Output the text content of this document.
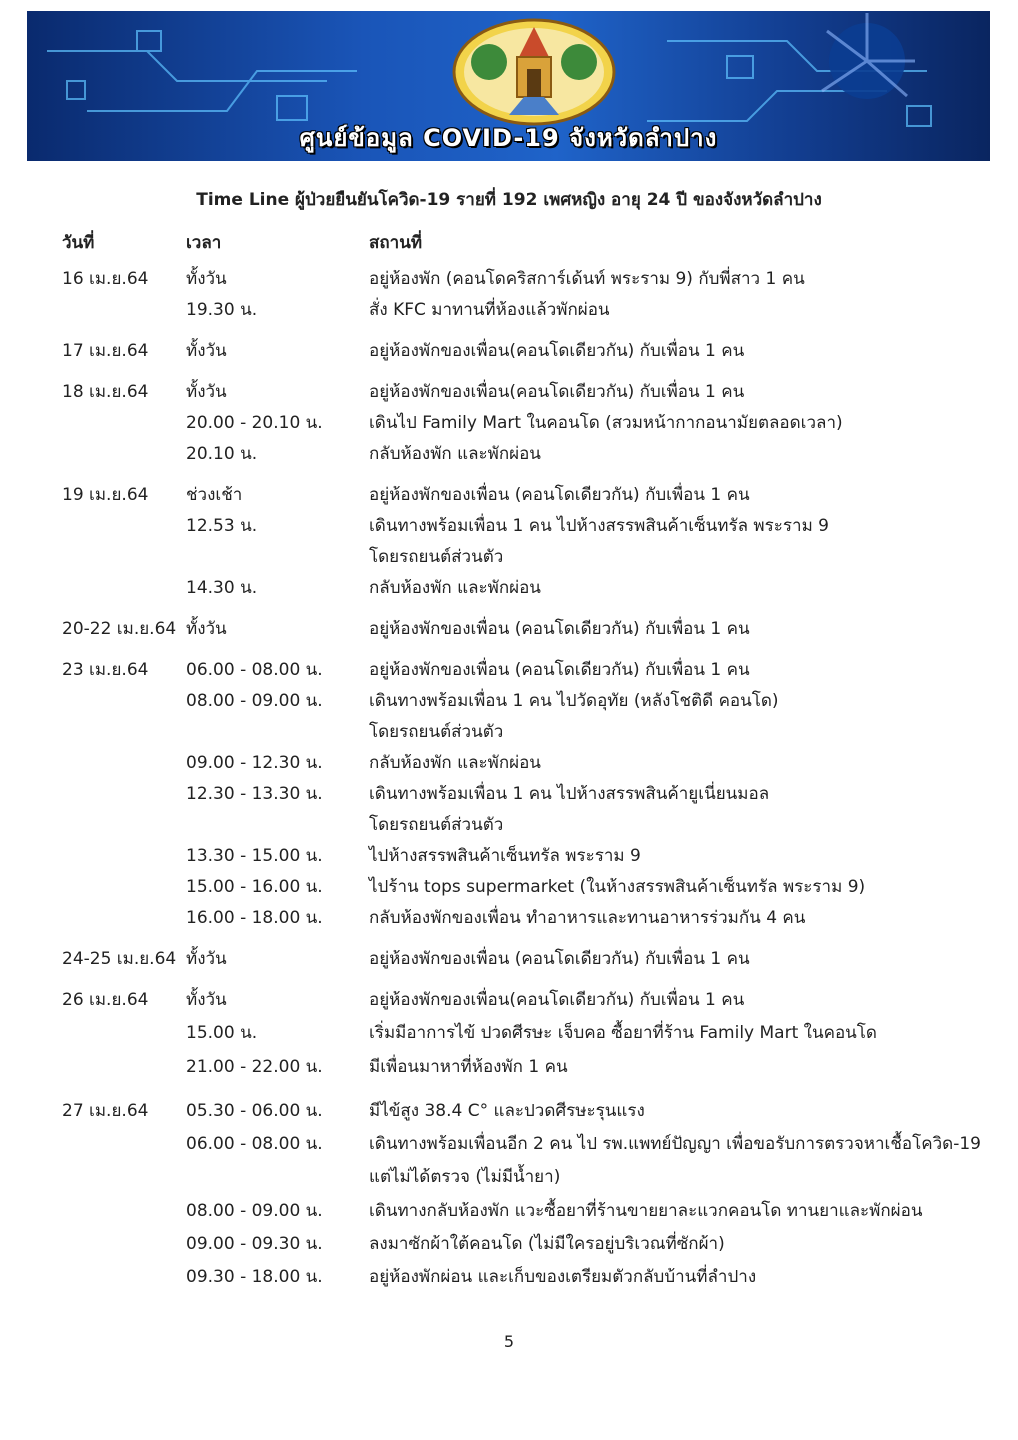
ศูนย์ข้อมูล COVID-19 จังหวัดลำปาง
Time Line ผู้ป่วยยืนยันโควิด-19 รายที่ 192 เพศหญิง อายุ 24 ปี ของจังหวัดลำปาง
วันที่	เวลา	สถานที่
16 เม.ย.64 ทั้งวัน	อยู่ห้องพัก (คอนโดคริสการ์เด้นท์ พระราม 9) กับพี่สาว 1 คน
19.30 น.	สั่ง KFC มาทานที่ห้องแล้วพักผ่อน
17 เม.ย.64 ทั้งวัน	อยู่ห้องพักของเพื่อน(คอนโดเดียวกัน) กับเพื่อน 1 คน
18 เม.ย.64 ทั้งวัน	อยู่ห้องพักของเพื่อน(คอนโดเดียวกัน) กับเพื่อน 1 คน
20.00 - 20.10 น.	เดินไป Family Mart ในคอนโด (สวมหน้ากากอนามัยตลอดเวลา)
20.10 น.	กลับห้องพัก และพักผ่อน
19 เม.ย.64 ช่วงเช้า	อยู่ห้องพักของเพื่อน (คอนโดเดียวกัน) กับเพื่อน 1 คน
12.53 น.	เดินทางพร้อมเพื่อน 1 คน ไปห้างสรรพสินค้าเซ็นทรัล พระราม 9
โดยรถยนต์ส่วนตัว
14.30 น.	กลับห้องพัก และพักผ่อน
20-22 เม.ย.64 ทั้งวัน	อยู่ห้องพักของเพื่อน (คอนโดเดียวกัน) กับเพื่อน 1 คน
23 เม.ย.64 06.00 - 08.00 น.	อยู่ห้องพักของเพื่อน (คอนโดเดียวกัน) กับเพื่อน 1 คน
08.00 - 09.00 น.	เดินทางพร้อมเพื่อน 1 คน ไปวัดอุทัย (หลังโชติดี คอนโด)
โดยรถยนต์ส่วนตัว
09.00 - 12.30 น.	กลับห้องพัก และพักผ่อน
12.30 - 13.30 น.	เดินทางพร้อมเพื่อน 1 คน ไปห้างสรรพสินค้ายูเนี่ยนมอล
โดยรถยนต์ส่วนตัว
13.30 - 15.00 น.	ไปห้างสรรพสินค้าเซ็นทรัล พระราม 9
15.00 - 16.00 น.	ไปร้าน tops supermarket (ในห้างสรรพสินค้าเซ็นทรัล พระราม 9)
16.00 - 18.00 น.	กลับห้องพักของเพื่อน ทำอาหารและทานอาหารร่วมกัน 4 คน
24-25 เม.ย.64 ทั้งวัน	อยู่ห้องพักของเพื่อน (คอนโดเดียวกัน) กับเพื่อน 1 คน
26 เม.ย.64 ทั้งวัน	อยู่ห้องพักของเพื่อน(คอนโดเดียวกัน) กับเพื่อน 1 คน
15.00 น.	เริ่มมีอาการไข้ ปวดศีรษะ เจ็บคอ ซื้อยาที่ร้าน Family Mart ในคอนโด
21.00 - 22.00 น.	มีเพื่อนมาหาที่ห้องพัก 1 คน
27 เม.ย.64 05.30 - 06.00 น.	มีไข้สูง 38.4 C° และปวดศีรษะรุนแรง
06.00 - 08.00 น.	เดินทางพร้อมเพื่อนอีก 2 คน ไป รพ.แพทย์ปัญญา เพื่อขอรับการตรวจหาเชื้อโควิด-19
แต่ไม่ได้ตรวจ (ไม่มีน้ำยา)
08.00 - 09.00 น.	เดินทางกลับห้องพัก แวะซื้อยาที่ร้านขายยาละแวกคอนโด ทานยาและพักผ่อน
09.00 - 09.30 น.	ลงมาซักผ้าใต้คอนโด (ไม่มีใครอยู่บริเวณที่ซักผ้า)
09.30 - 18.00 น.	อยู่ห้องพักผ่อน และเก็บของเตรียมตัวกลับบ้านที่ลำปาง
5
